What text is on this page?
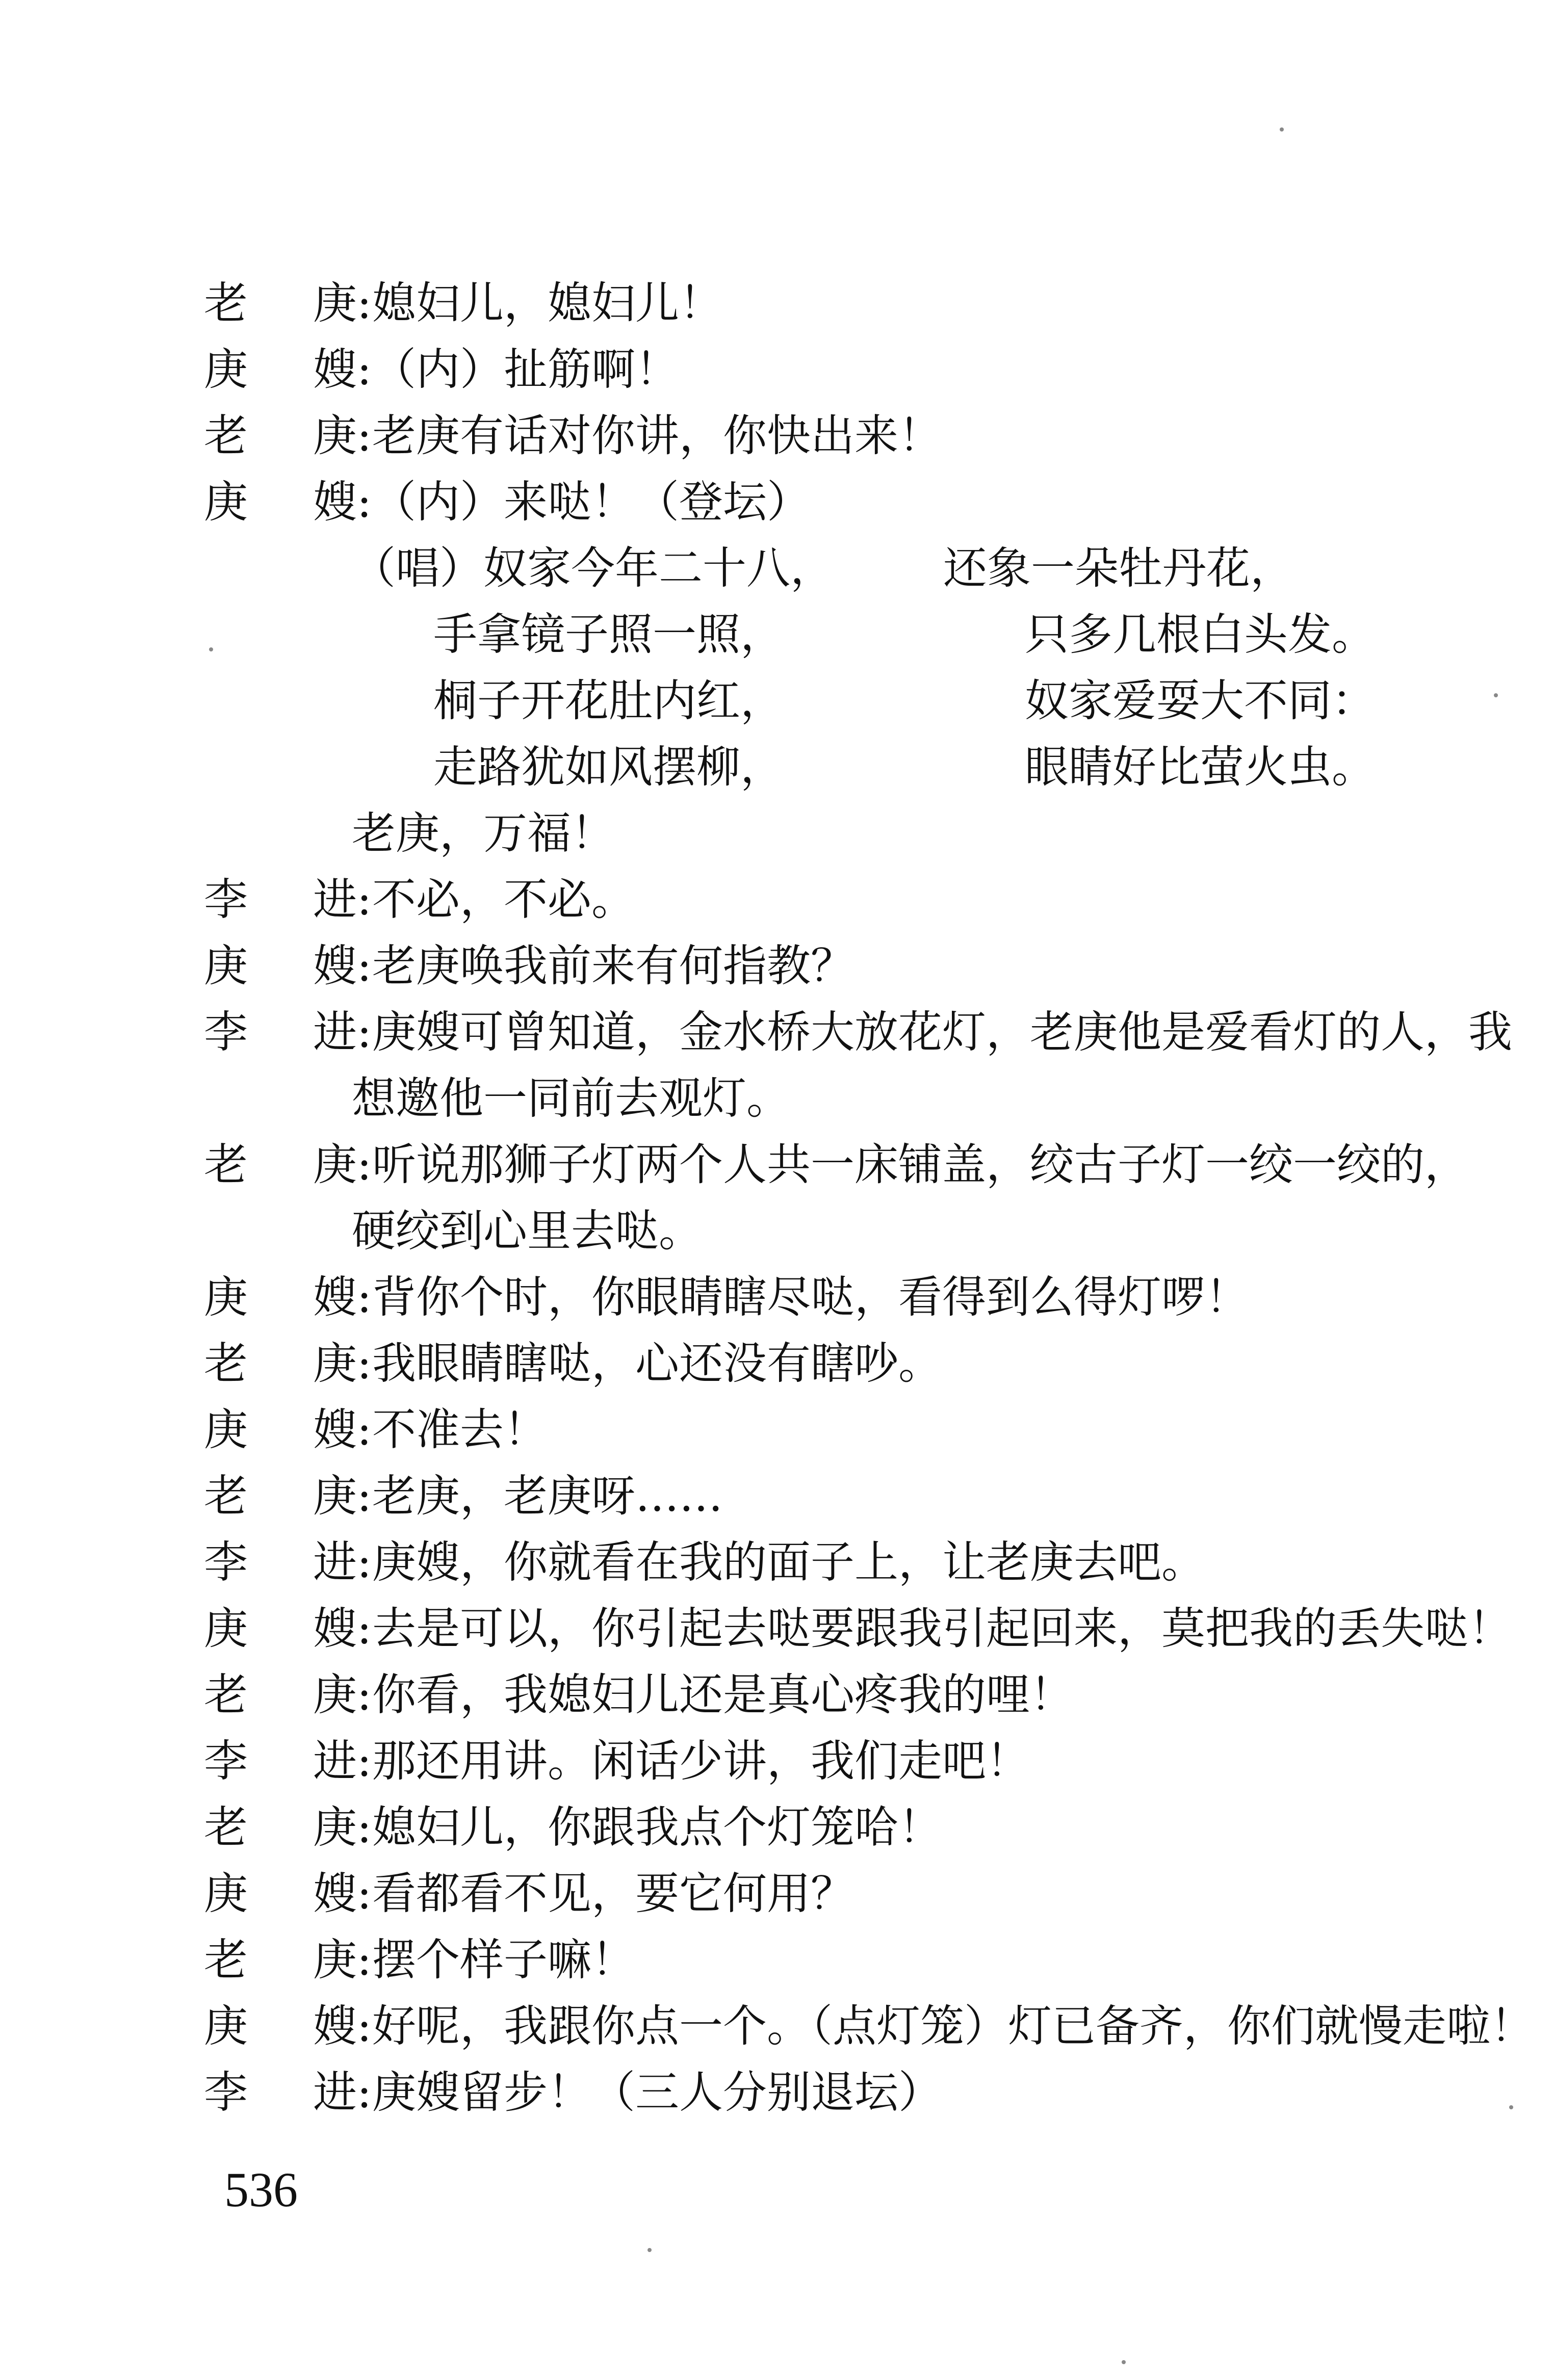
老 庚 : 媳妇儿，媳妇儿！
庚 嫂 : （内）扯筋啊！
老 庚 : 老庚有话对你讲，你快出来！
庚 嫂 : （内）来哒！（登坛）
（唱）奴家今年二十八，	还象一朵牡丹花，
手拿镜子照一照，	只多几根白头发。
桐子开花肚内红，	奴家爱耍大不同：
走路犹如风摆柳，	眼睛好比萤火虫。
老庚，万福！
李 进 : 不必，不必。
庚 嫂 : 老庚唤我前来有何指教？
李 进 : 庚嫂可曾知道，金水桥大放花灯，老庚他是爱看灯的人，我
想邀他一同前去观灯。
老 庚 : 听说那狮子灯两个人共一床铺盖，绞古子灯一绞一绞的，
硬绞到心里去哒。
庚 嫂 : 背你个时，你眼睛瞎尽哒，看得到么得灯啰！
老 庚 : 我眼睛瞎哒，心还没有瞎吵。
庚 嫂 : 不准去！
老 庚 : 老庚，老庚呀……
李 进 : 庚嫂，你就看在我的面子上，让老庚去吧。
庚 嫂 : 去是可以，你引起去哒要跟我引起回来，莫把我的丢失哒！
老 庚 : 你看，我媳妇儿还是真心疼我的哩！
李 进 : 那还用讲。闲话少讲，我们走吧！
老 庚 : 媳妇儿，你跟我点个灯笼哈！
庚 嫂 : 看都看不见，要它何用？
老 庚 : 摆个样子嘛！
庚 嫂 : 好呢，我跟你点一个。（点灯笼）灯已备齐，你们就慢走啦！
李 进 : 庚嫂留步！（三人分别退坛）
536
